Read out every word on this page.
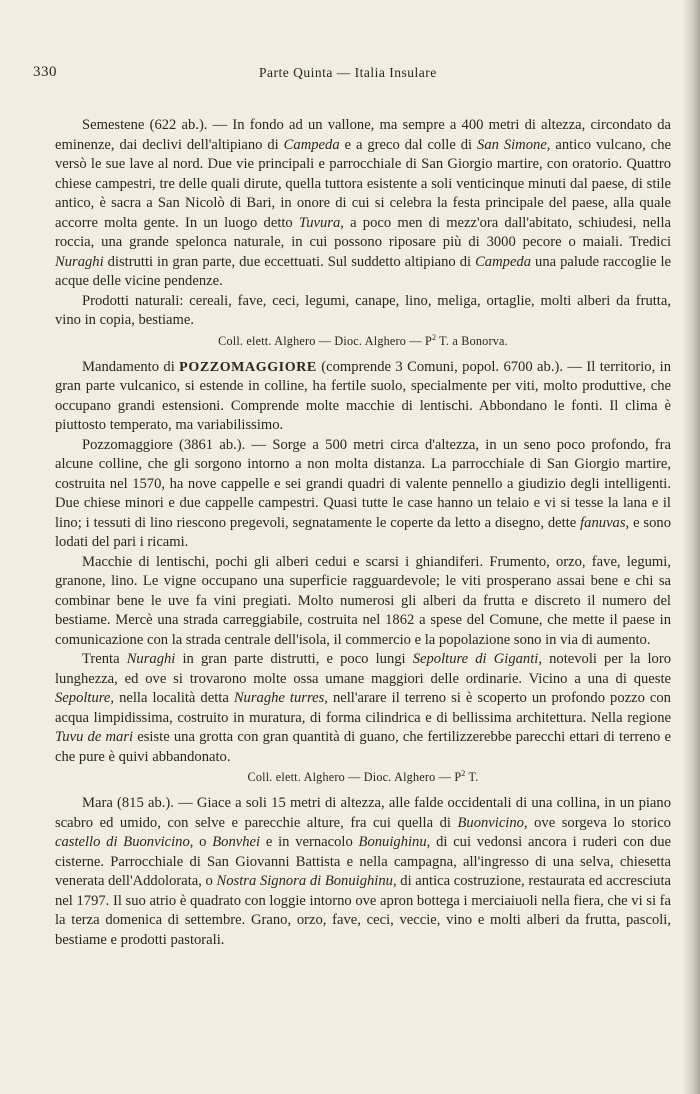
330	Parte Quinta — Italia Insulare

Semestene (622 ab.). — In fondo ad un vallone, ma sempre a 400 metri di altezza, circondato da eminenze, dai declivi dell'altipiano di Campeda e a greco dal colle di San Simone, antico vulcano, che versò le sue lave al nord. Due vie principali e parrocchiale di San Giorgio martire, con oratorio. Quattro chiese campestri, tre delle quali dirute, quella tuttora esistente a soli venticinque minuti dal paese, di stile antico, è sacra a San Nicolò di Bari, in onore di cui si celebra la festa principale del paese, alla quale accorre molta gente. In un luogo detto Tuvura, a poco men di mezz'ora dall'abitato, schiudesi, nella roccia, una grande spelonca naturale, in cui possono riposare più di 3000 pecore o maiali. Tredici Nuraghi distrutti in gran parte, due eccettuati. Sul suddetto altipiano di Campeda una palude raccoglie le acque delle vicine pendenze.

Prodotti naturali: cereali, fave, ceci, legumi, canape, lino, meliga, ortaglie, molti alberi da frutta, vino in copia, bestiame.

Coll. elett. Alghero — Dioc. Alghero — $P^2$ T. a Bonorva.

Mandamento di POZZOMAGGIORE (comprende 3 Comuni, popol. 6700 ab.). — Il territorio, in gran parte vulcanico, si estende in colline, ha fertile suolo, specialmente per viti, molto produttive, che occupano grandi estensioni. Comprende molte macchie di lentischi. Abbondano le fonti. Il clima è piuttosto temperato, ma variabilissimo.

Pozzomaggiore (3861 ab.). — Sorge a 500 metri circa d'altezza, in un seno poco profondo, fra alcune colline, che gli sorgono intorno a non molta distanza. La parrocchiale di San Giorgio martire, costruita nel 1570, ha nove cappelle e sei grandi quadri di valente pennello a giudizio degli intelligenti. Due chiese minori e due cappelle campestri. Quasi tutte le case hanno un telaio e vi si tesse la lana e il lino; i tessuti di lino riescono pregevoli, segnatamente le coperte da letto a disegno, dette fanuvas, e sono lodati del pari i ricami.

Macchie di lentischi, pochi gli alberi cedui e scarsi i ghiandiferi. Frumento, orzo, fave, legumi, granone, lino. Le vigne occupano una superficie ragguardevole; le viti prosperano assai bene e chi sa combinar bene le uve fa vini pregiati. Molto numerosi gli alberi da frutta e discreto il numero del bestiame. Mercè una strada carreggiabile, costruita nel 1862 a spese del Comune, che mette il paese in comunicazione con la strada centrale dell'isola, il commercio e la popolazione sono in via di aumento.

Trenta Nuraghi in gran parte distrutti, e poco lungi Sepolture di Giganti, notevoli per la loro lunghezza, ed ove si trovarono molte ossa umane maggiori delle ordinarie. Vicino a una di queste Sepolture, nella località detta Nuraghe turres, nell'arare il terreno si è scoperto un profondo pozzo con acqua limpidissima, costruito in muratura, di forma cilindrica e di bellissima architettura. Nella regione Tuvu de mari esiste una grotta con gran quantità di guano, che fertilizzerebbe parecchi ettari di terreno e che pure è quivi abbandonato.

Coll. elett. Alghero — Dioc. Alghero — $P^2$ T.

Mara (815 ab.). — Giace a soli 15 metri di altezza, alle falde occidentali di una collina, in un piano scabro ed umido, con selve e parecchie alture, fra cui quella di Buonvicino, ove sorgeva lo storico castello di Buonvicino, o Bonvhei e in vernacolo Bonuighinu, di cui vedonsi ancora i ruderi con due cisterne. Parrocchiale di San Giovanni Battista e nella campagna, all'ingresso di una selva, chiesetta venerata dell'Addolorata, o Nostra Signora di Bonuighinu, di antica costruzione, restaurata ed accresciuta nel 1797. Il suo atrio è quadrato con loggie intorno ove apron bottega i merciaiuoli nella fiera, che vi si fa la terza domenica di settembre. Grano, orzo, fave, ceci, veccie, vino e molti alberi da frutta, pascoli, bestiame e prodotti pastorali.
